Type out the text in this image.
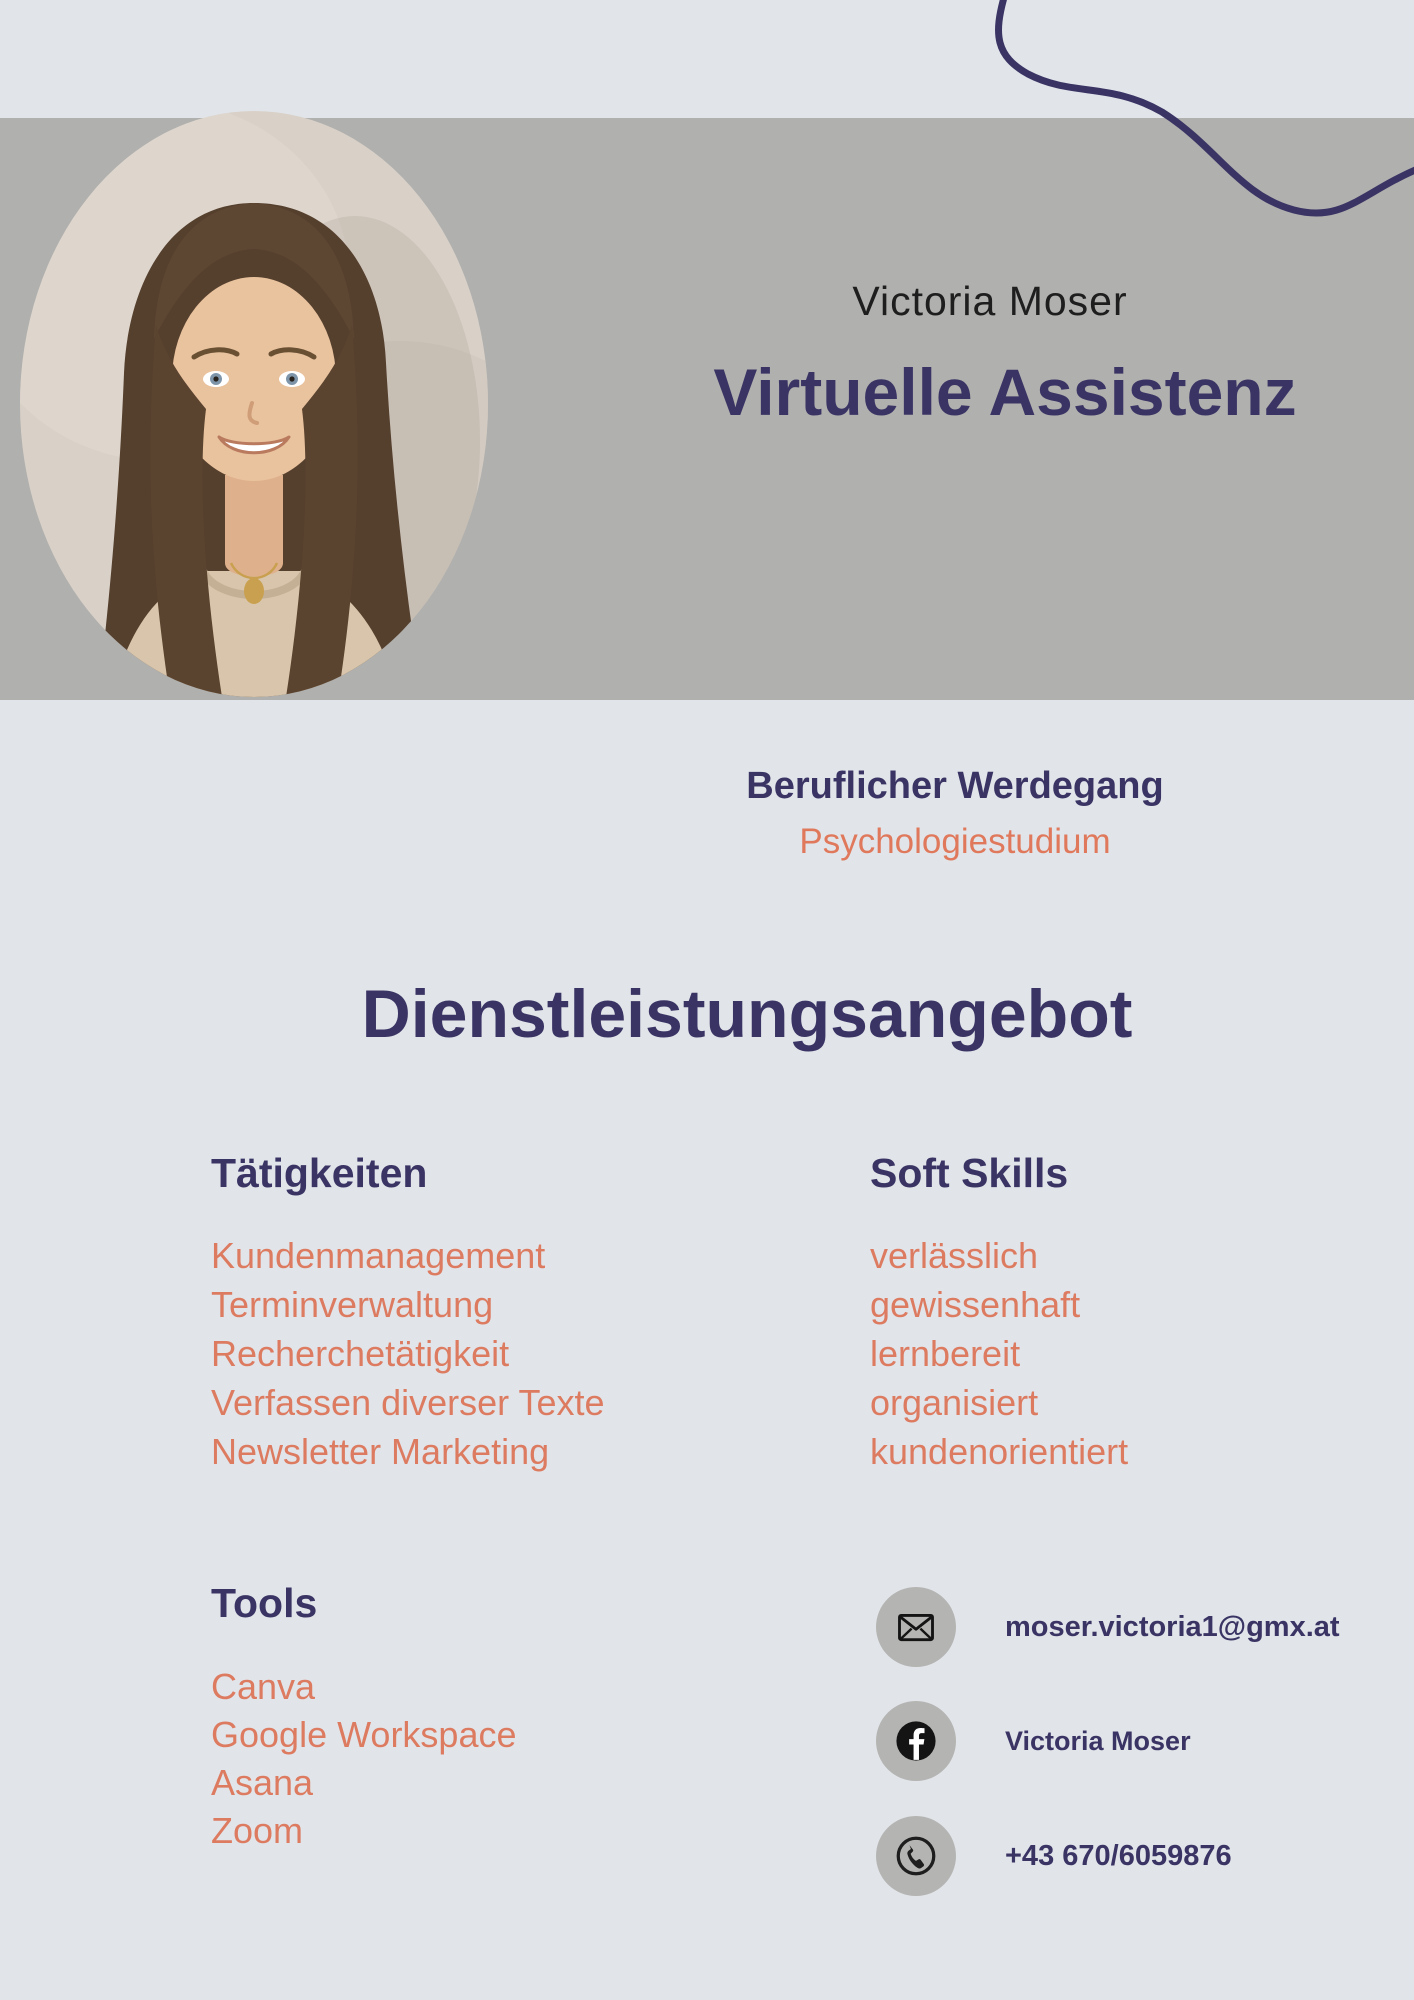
Victoria Moser
Virtuelle Assistenz
Beruflicher Werdegang
Psychologiestudium
Dienstleistungsangebot
Tätigkeiten
Kundenmanagement
Terminverwaltung
Recherchetätigkeit
Verfassen diverser Texte
Newsletter Marketing
Soft Skills
verlässlich
gewissenhaft
lernbereit
organisiert
kundenorientiert
Tools
Canva
Google Workspace
Asana
Zoom
moser.victoria1@gmx.at
Victoria Moser
+43 670/6059876
